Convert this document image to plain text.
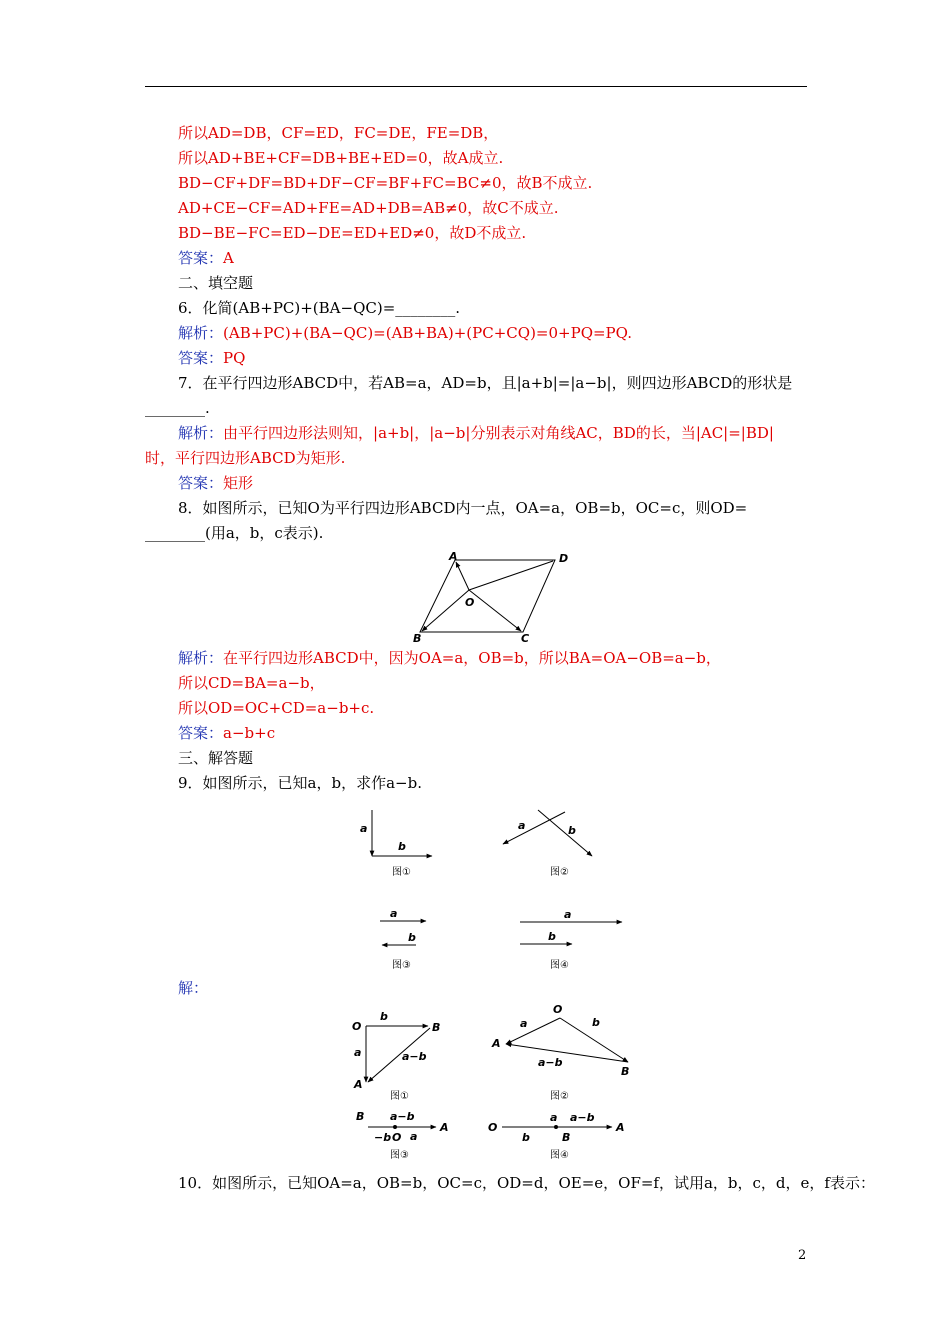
所以AD=DB，CF=ED，FC=DE，FE=DB，
所以AD+BE+CF=DB+BE+ED=0，故A成立.
BD−CF+DF=BD+DF−CF=BF+FC=BC≠0，故B不成立.
AD+CE−CF=AD+FE=AD+DB=AB≠0，故C不成立.
BD−BE−FC=ED−DE=ED+ED≠0，故D不成立.
答案：A
二、填空题
6．化简(AB+PC)+(BA−QC)=________.
解析：(AB+PC)+(BA−QC)=(AB+BA)+(PC+CQ)=0+PQ=PQ.
答案：PQ
7．在平行四边形ABCD中，若AB=a，AD=b，且|a+b|=|a−b|，则四边形ABCD的形状是
________.
解析：由平行四边形法则知，|a+b|，|a−b|分别表示对角线AC，BD的长，当|AC|=|BD|
时，平行四边形ABCD为矩形.
答案：矩形
8．如图所示，已知O为平行四边形ABCD内一点，OA=a，OB=b，OC=c，则OD=
________(用a，b，c表示).
A	D
O
B	C
解析：在平行四边形ABCD中，因为OA=a，OB=b，所以BA=OA−OB=a−b，
所以CD=BA=a−b，
所以OD=OC+CD=a−b+c.
答案：a−b+c
三、解答题
9．如图所示，已知a，b，求作a−b.
a
b
图①
a	b
图②
a
b
图③
a
b
图④
解：
O	B
A
a
b
a−b
图①
O
A
B
a	b
a−b
图②
B a−b
A
−b O a
图③
O
a a−b
A
b	B
图④
10．如图所示，已知OA=a，OB=b，OC=c，OD=d，OE=e，OF=f，试用a，b，c，d，e，f表示：
2
